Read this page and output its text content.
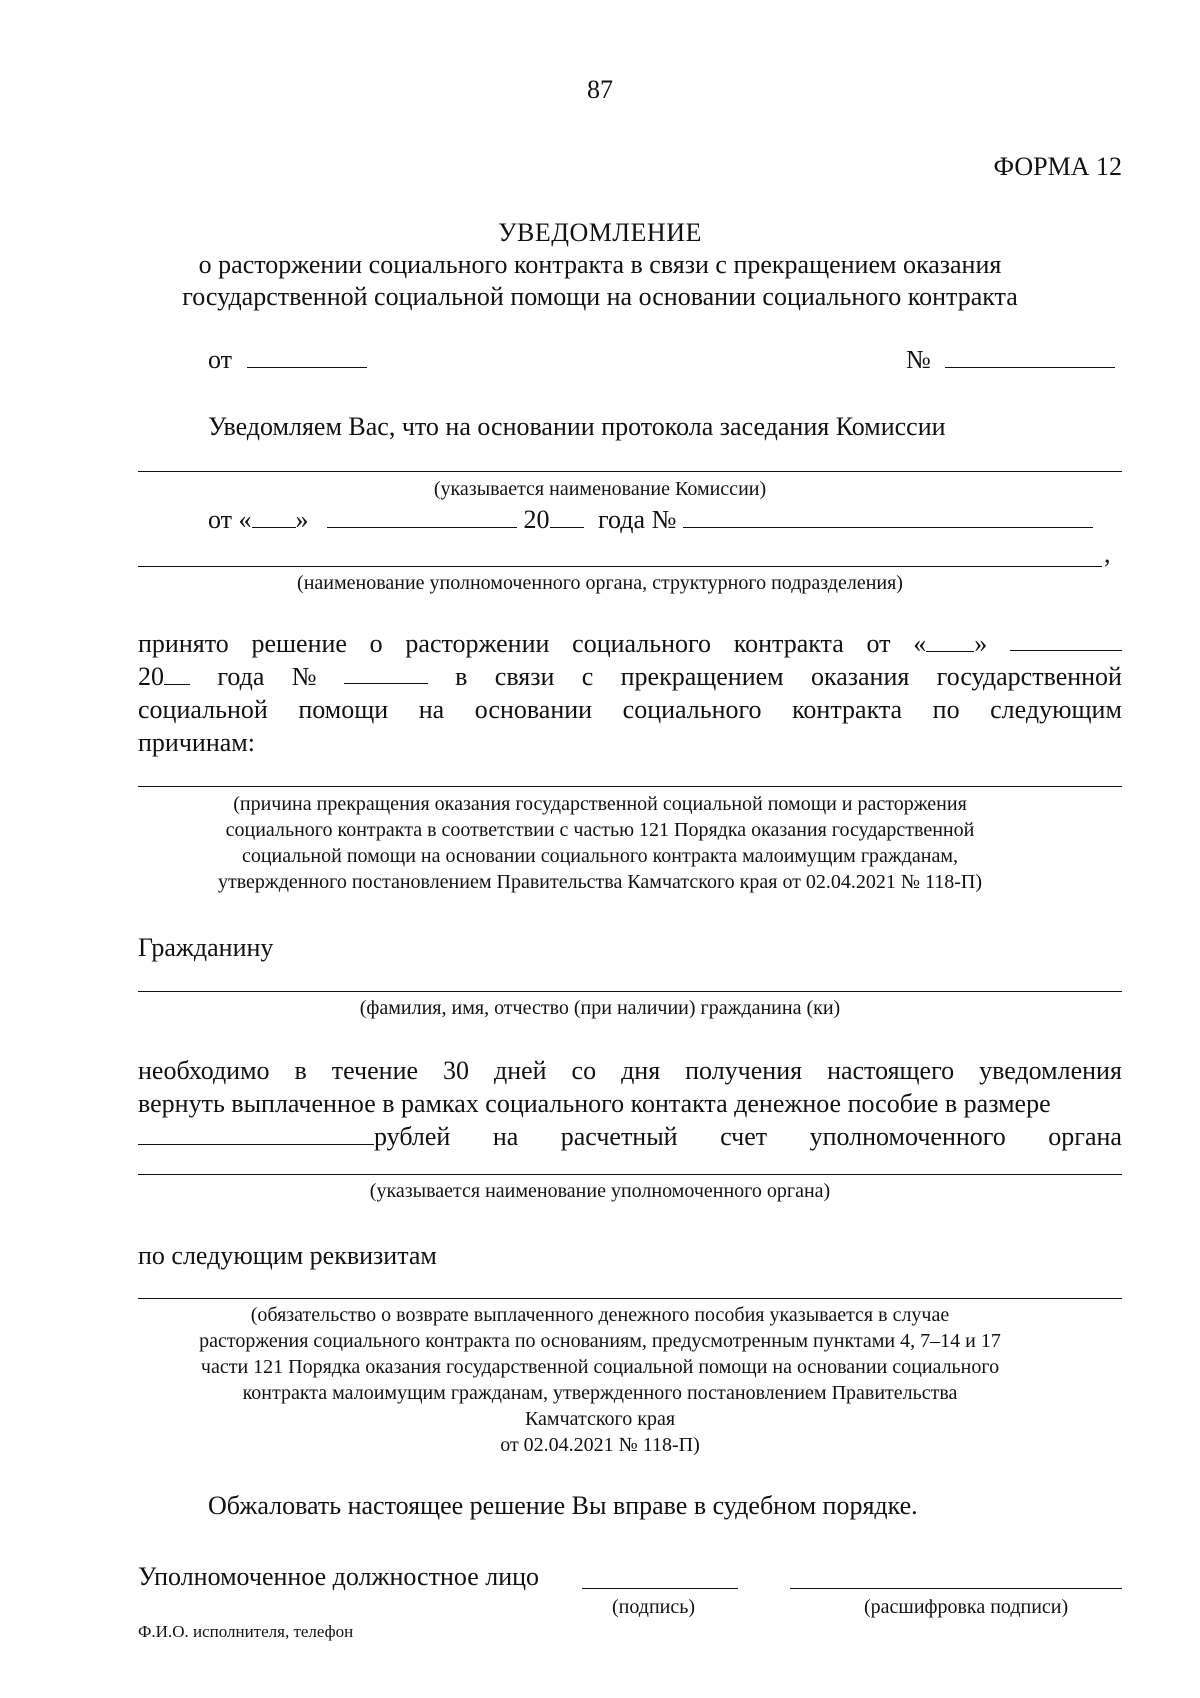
87
ФОРМА 12
УВЕДОМЛЕНИЕ
о расторжении социального контракта в связи с прекращением оказания
государственной социальной помощи на основании социального контракта
от	№
Уведомляем Вас, что на основании протокола заседания Комиссии
(указывается наименование Комиссии)
от « »	20 года №
,
(наименование уполномоченного органа, структурного подразделения)
принято решение о расторжении социального контракта от « »
20	года №	в связи с прекращением оказания государственной
социальной помощи на основании социального контракта по следующим
причинам:
(причина прекращения оказания государственной социальной помощи и расторжения
социального контракта в соответствии с частью 121 Порядка оказания государственной
социальной помощи на основании социального контракта малоимущим гражданам,
утвержденного постановлением Правительства Камчатского края от 02.04.2021 № 118-П)
Гражданину
(фамилия, имя, отчество (при наличии) гражданина (ки)
необходимо в течение 30 дней со дня получения настоящего уведомления
вернуть выплаченное в рамках социального контакта денежное пособие в размере
рублей на расчетный счет уполномоченного органа
(указывается наименование уполномоченного органа)
по следующим реквизитам
(обязательство о возврате выплаченного денежного пособия указывается в случае
расторжения социального контракта по основаниям, предусмотренным пунктами 4, 7–14 и 17
части 121 Порядка оказания государственной социальной помощи на основании социального
контракта малоимущим гражданам, утвержденного постановлением Правительства
Камчатского края
от 02.04.2021 № 118-П)
Обжаловать настоящее решение Вы вправе в судебном порядке.
Уполномоченное должностное лицо
(подпись)	(расшифровка подписи)
Ф.И.О. исполнителя, телефон
